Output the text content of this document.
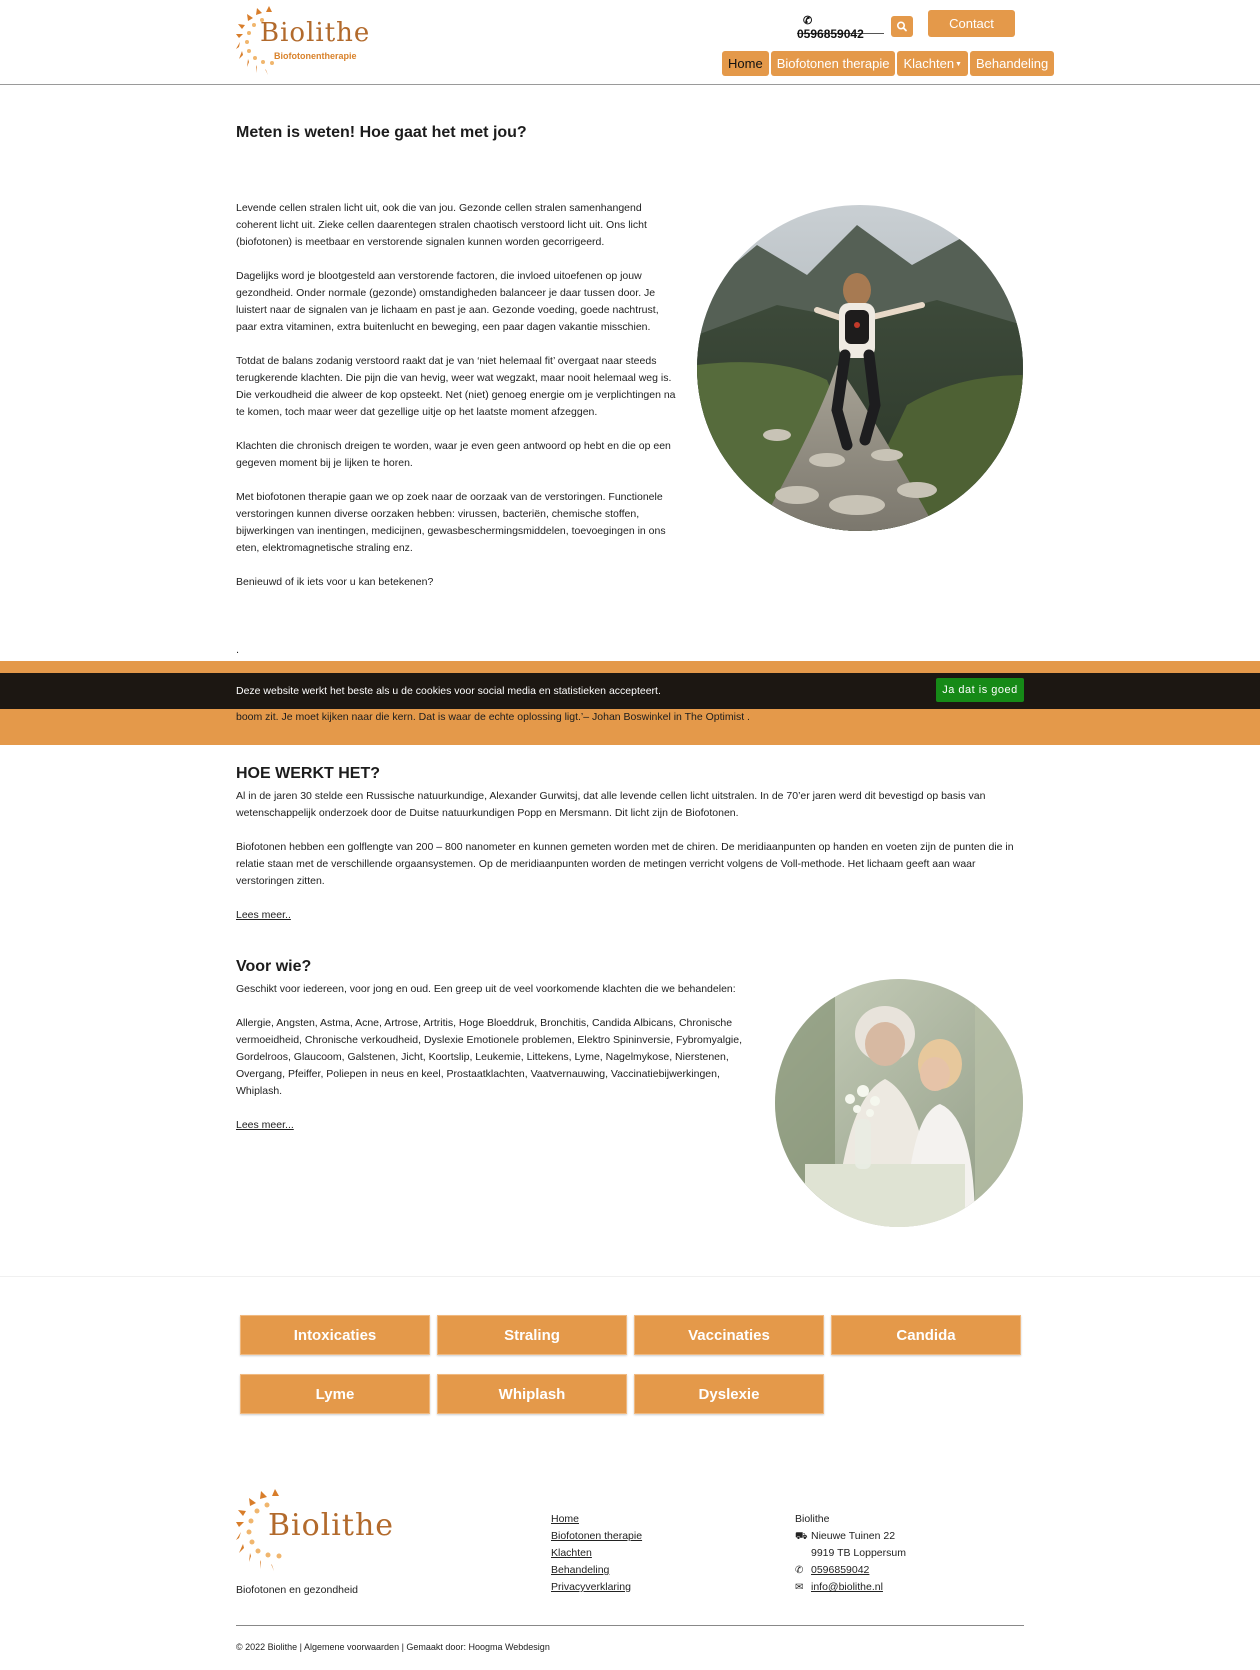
Biolithe
Biofotonentherapie
✆0596859042
Contact
Home	Biofotonen therapie	Klachten▼	Behandeling
Meten is weten! Hoe gaat het met jou?

Levende cellen stralen licht uit, ook die van jou. Gezonde cellen stralen samenhangend coherent licht uit. Zieke cellen daarentegen stralen chaotisch verstoord licht uit. Ons licht (biofotonen) is meetbaar en verstorende signalen kunnen worden gecorrigeerd.

Dagelijks word je blootgesteld aan verstorende factoren, die invloed uitoefenen op jouw gezondheid. Onder normale (gezonde) omstandigheden balanceer je daar tussen door. Je luistert naar de signalen van je lichaam en past je aan. Gezonde voeding, goede nachtrust, paar extra vitaminen, extra buitenlucht en beweging, een paar dagen vakantie misschien.

Totdat de balans zodanig verstoord raakt dat je van ‘niet helemaal fit’ overgaat naar steeds terugkerende klachten. Die pijn die van hevig, weer wat wegzakt, maar nooit helemaal weg is. Die verkoudheid die alweer de kop opsteekt. Net (niet) genoeg energie om je verplichtingen na te komen, toch maar weer dat gezellige uitje op het laatste moment afzeggen.

Klachten die chronisch dreigen te worden, waar je even geen antwoord op hebt en die op een gegeven moment bij je lijken te horen.

Met biofotonen therapie gaan we op zoek naar de oorzaak van de verstoringen. Functionele verstoringen kunnen diverse oorzaken hebben: virussen, bacteriën, chemische stoffen, bijwerkingen van inentingen, medicijnen, gewasbeschermingsmiddelen, toevoegingen in ons eten, elektromagnetische straling enz.

Benieuwd of ik iets voor u kan betekenen?

.
boom zit. Je moet kijken naar die kern. Dat is waar de echte oplossing ligt.’– Johan Boswinkel in The Optimist .
Deze website werkt het beste als u de cookies voor social media en statistieken accepteert.	Ja dat is goed
HOE WERKT HET?

Al in de jaren 30 stelde een Russische natuurkundige, Alexander Gurwitsj, dat alle levende cellen licht uitstralen. In de 70’er jaren werd dit bevestigd op basis van wetenschappelijk onderzoek door de Duitse natuurkundigen Popp en Mersmann. Dit licht zijn de Biofotonen.

Biofotonen hebben een golflengte van 200 – 800 nanometer en kunnen gemeten worden met de chiren. De meridiaanpunten op handen en voeten zijn de punten die in relatie staan met de verschillende orgaansystemen. Op de meridiaanpunten worden de metingen verricht volgens de Voll-methode. Het lichaam geeft aan waar verstoringen zitten.

Lees meer..
Voor wie?

Geschikt voor iedereen, voor jong en oud. Een greep uit de veel voorkomende klachten die we behandelen:

Allergie, Angsten, Astma, Acne, Artrose, Artritis, Hoge Bloeddruk, Bronchitis, Candida Albicans, Chronische vermoeidheid, Chronische verkoudheid, Dyslexie Emotionele problemen, Elektro Spininversie, Fybromyalgie, Gordelroos, Glaucoom, Galstenen, Jicht, Koortslip, Leukemie, Littekens, Lyme, Nagelmykose, Nierstenen, Overgang, Pfeiffer, Poliepen in neus en keel, Prostaatklachten, Vaatvernauwing, Vaccinatiebijwerkingen, Whiplash.

Lees meer...
Intoxicaties	Straling	Vaccinaties	Candida
Lyme	Whiplash	Dyslexie
Biolithe
Biofotonen en gezondheid
Home
Biofotonen therapie
Klachten
Behandeling
Privacyverklaring
Biolithe
⛟ Nieuwe Tuinen 22
9919 TB Loppersum
✆ 0596859042
✉ info@biolithe.nl
© 2022 Biolithe | Algemene voorwaarden | Gemaakt door: Hoogma Webdesign
